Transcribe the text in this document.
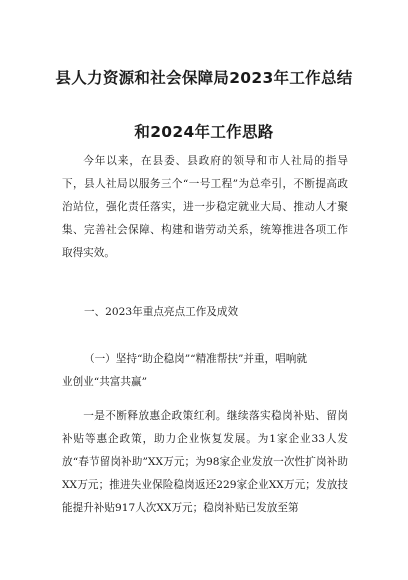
县人力资源和社会保障局2023年工作总结
和2024年工作思路

今年以来，在县委、县政府的领导和市人社局的指导下，县人社局以服务三个“一号工程”为总牵引，不断提高政治站位，强化责任落实，进一步稳定就业大局、推动人才聚集、完善社会保障、构建和谐劳动关系，统筹推进各项工作取得实效。

一、2023年重点亮点工作及成效

（一）坚持“助企稳岗”“精准帮扶”并重，唱响就

业创业“共富共赢”

一是不断释放惠企政策红利。继续落实稳岗补贴、留岗补贴等惠企政策，助力企业恢复发展。为1家企业33人发放“春节留岗补助”XX万元；为98家企业发放一次性扩岗补助XX万元；推进失业保险稳岗返还229家企业XX万元；发放技能提升补贴917人次XX万元；稳岗补贴已发放至第
